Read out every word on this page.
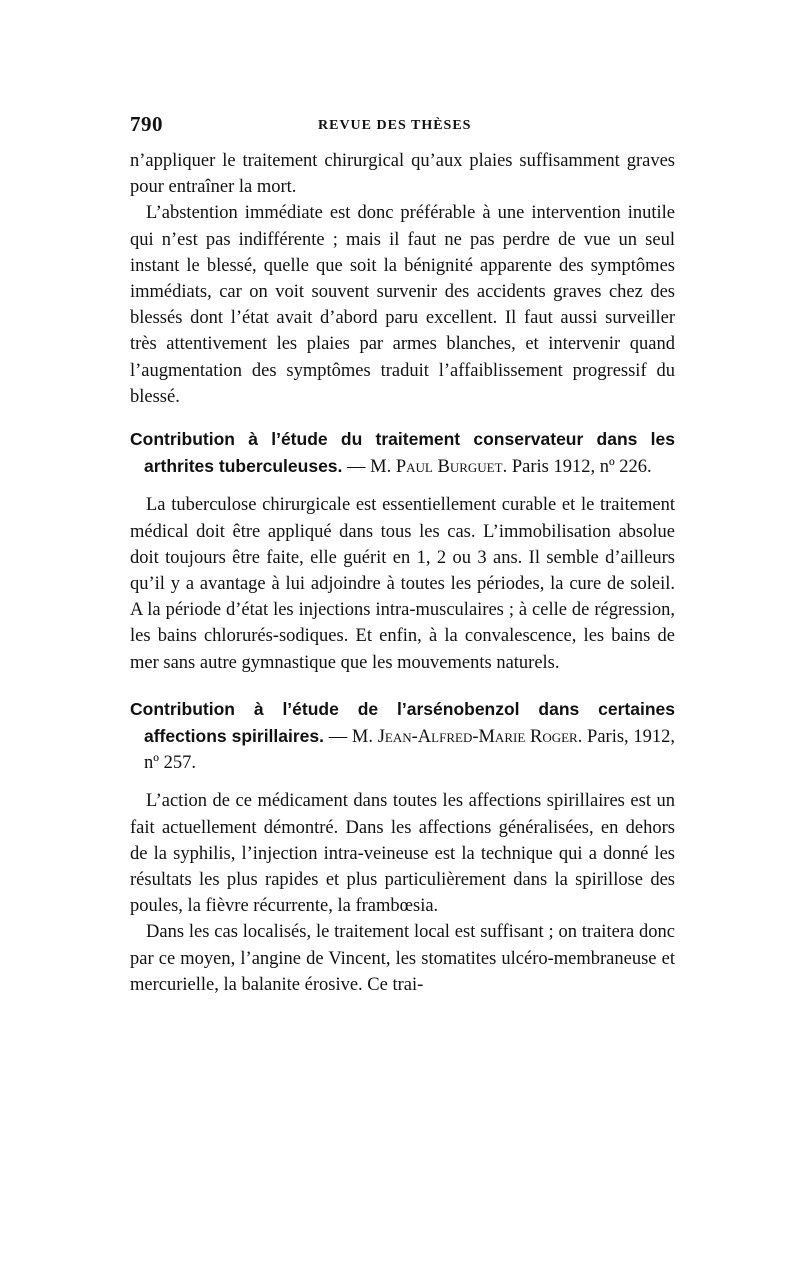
790	REVUE DES THÈSES

n’appliquer le traitement chirurgical qu’aux plaies suffisamment graves pour entraîner la mort.

L’abstention immédiate est donc préférable à une intervention inutile qui n’est pas indifférente ; mais il faut ne pas perdre de vue un seul instant le blessé, quelle que soit la bénignité apparente des symptômes immédiats, car on voit souvent survenir des accidents graves chez des blessés dont l’état avait d’abord paru excellent. Il faut aussi surveiller très attentivement les plaies par armes blanches, et intervenir quand l’augmentation des symptômes traduit l’affaiblissement progressif du blessé.

Contribution à l’étude du traitement conservateur dans les arthrites tuberculeuses. — M. Paul Burguet. Paris 1912, nº 226.

La tuberculose chirurgicale est essentiellement curable et le traitement médical doit être appliqué dans tous les cas. L’immobilisation absolue doit toujours être faite, elle guérit en 1, 2 ou 3 ans. Il semble d’ailleurs qu’il y a avantage à lui adjoindre à toutes les périodes, la cure de soleil. A la période d’état les injections intra-musculaires ; à celle de régression, les bains chlorurés-sodiques. Et enfin, à la convalescence, les bains de mer sans autre gymnastique que les mouvements naturels.

Contribution à l’étude de l’arsénobenzol dans certaines affections spirillaires. — M. Jean-Alfred-Marie Roger. Paris, 1912, nº 257.

L’action de ce médicament dans toutes les affections spirillaires est un fait actuellement démontré. Dans les affections généralisées, en dehors de la syphilis, l’injection intra-veineuse est la technique qui a donné les résultats les plus rapides et plus particulièrement dans la spirillose des poules, la fièvre récurrente, la frambœsia.

Dans les cas localisés, le traitement local est suffisant ; on traitera donc par ce moyen, l’angine de Vincent, les stomatites ulcéro-membraneuse et mercurielle, la balanite érosive. Ce trai-
